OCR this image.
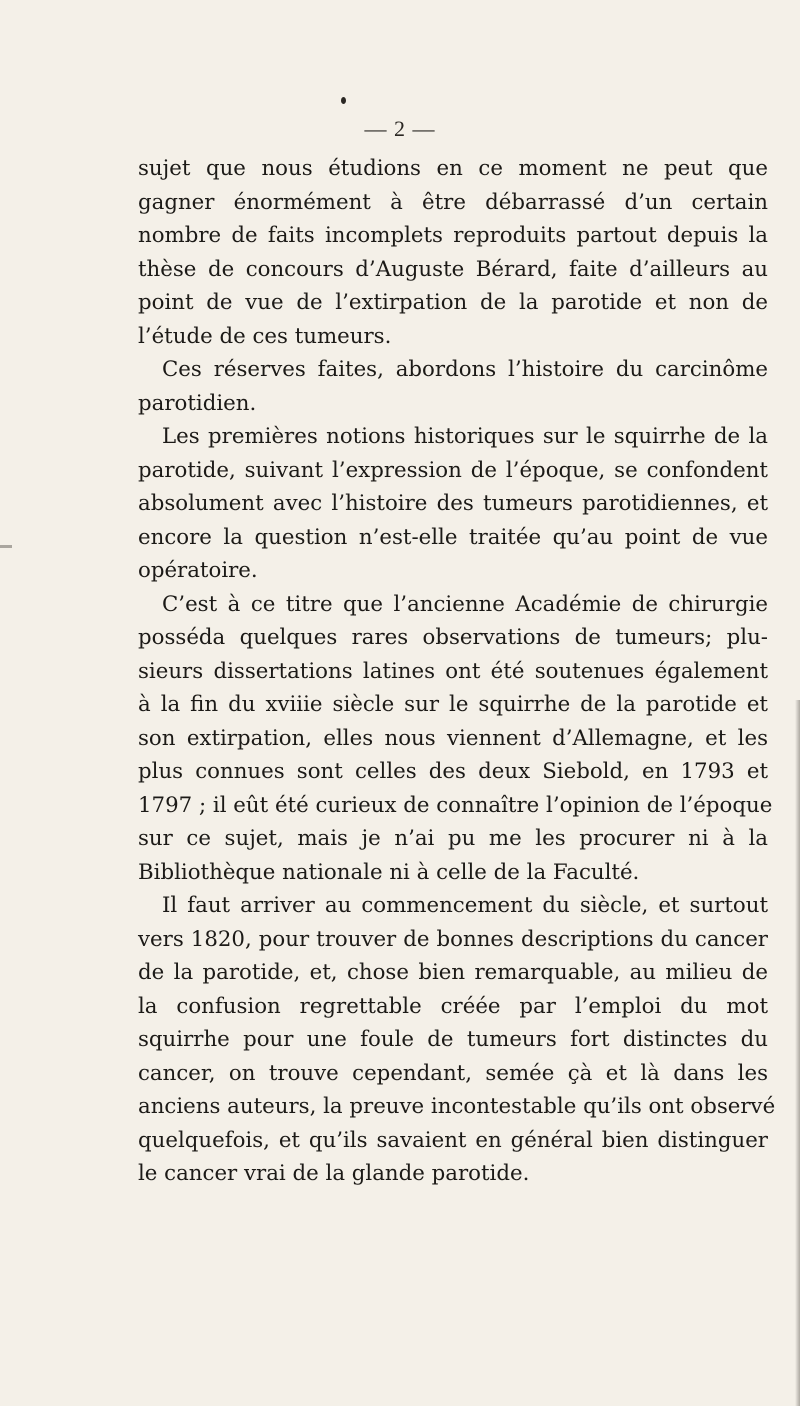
— 2 —
sujet que nous étudions en ce moment ne peut que
gagner énormément à être débarrassé d’un certain
nombre de faits incomplets reproduits partout depuis la
thèse de concours d’Auguste Bérard, faite d’ailleurs au
point de vue de l’extirpation de la parotide et non de
l’étude de ces tumeurs.
Ces réserves faites, abordons l’histoire du carcinôme
parotidien.
Les premières notions historiques sur le squirrhe de la
parotide, suivant l’expression de l’époque, se confondent
absolument avec l’histoire des tumeurs parotidiennes, et
encore la question n’est-elle traitée qu’au point de vue
opératoire.
C’est à ce titre que l’ancienne Académie de chirurgie
posséda quelques rares observations de tumeurs; plu-
sieurs dissertations latines ont été soutenues également
à la fin du xviiie siècle sur le squirrhe de la parotide et
son extirpation, elles nous viennent d’Allemagne, et les
plus connues sont celles des deux Siebold, en 1793 et
1797 ; il eût été curieux de connaître l’opinion de l’époque
sur ce sujet, mais je n’ai pu me les procurer ni à la
Bibliothèque nationale ni à celle de la Faculté.
Il faut arriver au commencement du siècle, et surtout
vers 1820, pour trouver de bonnes descriptions du cancer
de la parotide, et, chose bien remarquable, au milieu de
la confusion regrettable créée par l’emploi du mot
squirrhe pour une foule de tumeurs fort distinctes du
cancer, on trouve cependant, semée çà et là dans les
anciens auteurs, la preuve incontestable qu’ils ont observé
quelquefois, et qu’ils savaient en général bien distinguer
le cancer vrai de la glande parotide.
